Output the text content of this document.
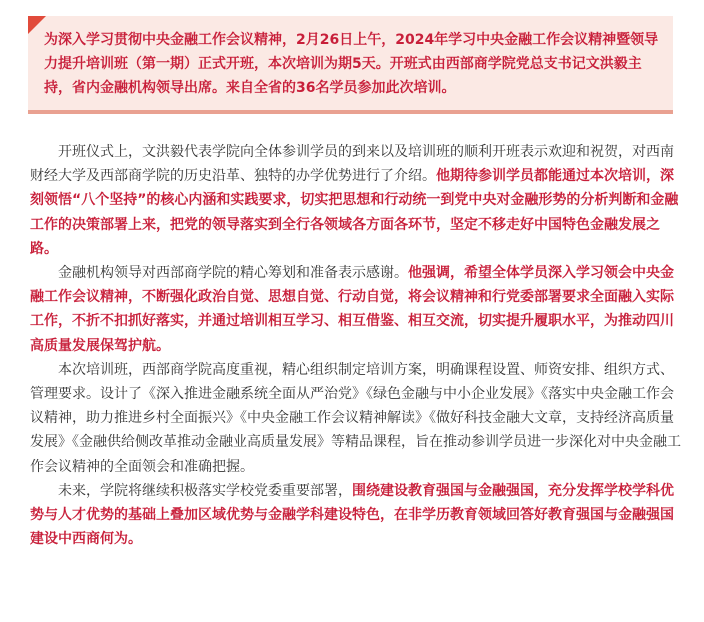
为深入学习贯彻中央金融工作会议精神，2月26日上午，2024年学习中央金融工作会议精神暨领导力提升培训班（第一期）正式开班，本次培训为期5天。开班式由西部商学院党总支书记文洪毅主持，省内金融机构领导出席。来自全省的36名学员参加此次培训。

开班仪式上，文洪毅代表学院向全体参训学员的到来以及培训班的顺利开班表示欢迎和祝贺，对西南财经大学及西部商学院的历史沿革、独特的办学优势进行了介绍。他期待参训学员都能通过本次培训，深刻领悟“八个坚持”的核心内涵和实践要求，切实把思想和行动统一到党中央对金融形势的分析判断和金融工作的决策部署上来，把党的领导落实到全行各领域各方面各环节，坚定不移走好中国特色金融发展之路。

金融机构领导对西部商学院的精心筹划和准备表示感谢。他强调，希望全体学员深入学习领会中央金融工作会议精神，不断强化政治自觉、思想自觉、行动自觉，将会议精神和行党委部署要求全面融入实际工作，不折不扣抓好落实，并通过培训相互学习、相互借鉴、相互交流，切实提升履职水平，为推动四川高质量发展保驾护航。

本次培训班，西部商学院高度重视，精心组织制定培训方案，明确课程设置、师资安排、组织方式、管理要求。设计了《深入推进金融系统全面从严治党》《绿色金融与中小企业发展》《落实中央金融工作会议精神，助力推进乡村全面振兴》《中央金融工作会议精神解读》《做好科技金融大文章，支持经济高质量发展》《金融供给侧改革推动金融业高质量发展》等精品课程，旨在推动参训学员进一步深化对中央金融工作会议精神的全面领会和准确把握。

未来，学院将继续积极落实学校党委重要部署，围绕建设教育强国与金融强国，充分发挥学校学科优势与人才优势的基础上叠加区域优势与金融学科建设特色，在非学历教育领域回答好教育强国与金融强国建设中西商何为。
